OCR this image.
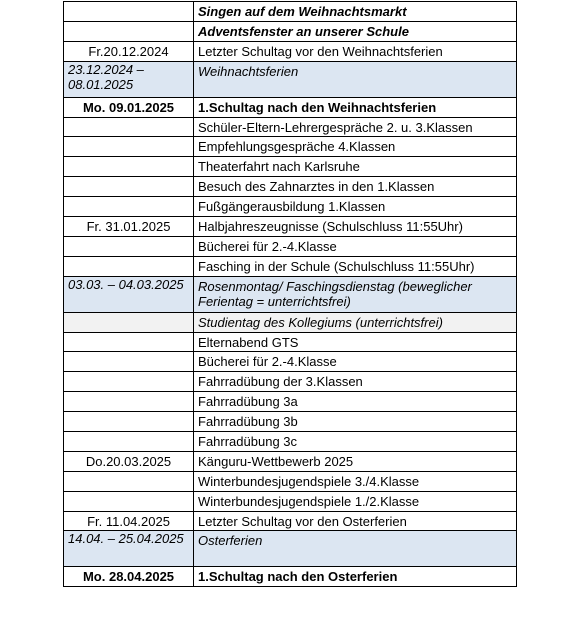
	Singen auf dem Weihnachtsmarkt
	Adventsfenster an unserer Schule
Fr.20.12.2024	Letzter Schultag vor den Weihnachtsferien
23.12.2024 – 08.01.2025	Weihnachtsferien
Mo. 09.01.2025	1.Schultag nach den Weihnachtsferien
	Schüler-Eltern-Lehrergespräche 2. u. 3.Klassen
	Empfehlungsgespräche 4.Klassen
	Theaterfahrt nach Karlsruhe
	Besuch des Zahnarztes in den 1.Klassen
	Fußgängerausbildung 1.Klassen
Fr. 31.01.2025	Halbjahreszeugnisse (Schulschluss 11:55Uhr)
	Bücherei für 2.-4.Klasse
	Fasching in der Schule (Schulschluss 11:55Uhr)
03.03. – 04.03.2025	Rosenmontag/ Faschingsdienstag (beweglicher Ferientag = unterrichtsfrei)
	Studientag des Kollegiums (unterrichtsfrei)
	Elternabend GTS
	Bücherei für 2.-4.Klasse
	Fahrradübung der 3.Klassen
	Fahrradübung 3a
	Fahrradübung 3b
	Fahrradübung 3c
Do.20.03.2025	Känguru-Wettbewerb 2025
	Winterbundesjugendspiele 3./4.Klasse
	Winterbundesjugendspiele 1./2.Klasse
Fr. 11.04.2025	Letzter Schultag vor den Osterferien
14.04. – 25.04.2025	Osterferien
Mo. 28.04.2025	1.Schultag nach den Osterferien
